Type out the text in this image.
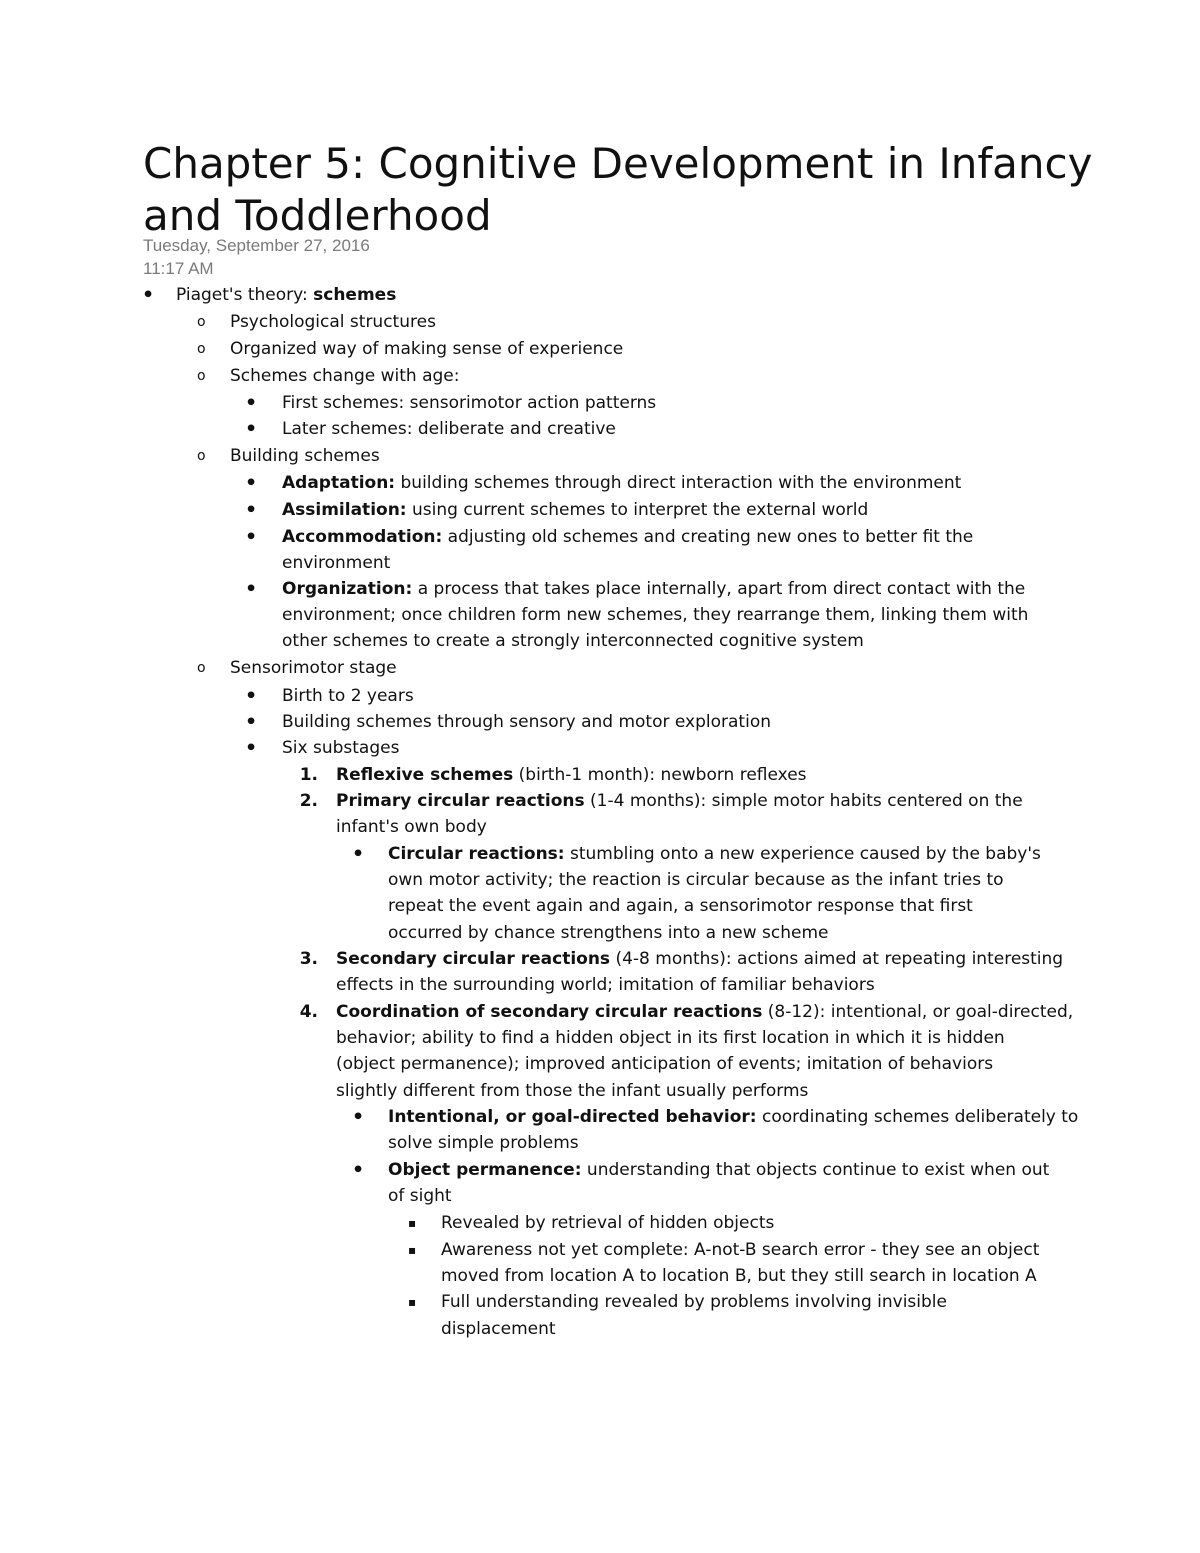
Chapter 5: Cognitive Development in Infancy
and Toddlerhood
Tuesday, September 27, 2016
11:17 AM
• Piaget's theory: schemes
o Psychological structures
o Organized way of making sense of experience
o Schemes change with age:
• First schemes: sensorimotor action patterns
• Later schemes: deliberate and creative
o Building schemes
• Adaptation: building schemes through direct interaction with the environment
• Assimilation: using current schemes to interpret the external world
• Accommodation: adjusting old schemes and creating new ones to better fit the
environment
• Organization: a process that takes place internally, apart from direct contact with the
environment; once children form new schemes, they rearrange them, linking them with
other schemes to create a strongly interconnected cognitive system
o Sensorimotor stage
• Birth to 2 years
• Building schemes through sensory and motor exploration
• Six substages
1. Reflexive schemes (birth-1 month): newborn reflexes
2. Primary circular reactions (1-4 months): simple motor habits centered on the
infant's own body
• Circular reactions: stumbling onto a new experience caused by the baby's
own motor activity; the reaction is circular because as the infant tries to
repeat the event again and again, a sensorimotor response that first
occurred by chance strengthens into a new scheme
3. Secondary circular reactions (4-8 months): actions aimed at repeating interesting
effects in the surrounding world; imitation of familiar behaviors
4. Coordination of secondary circular reactions (8-12): intentional, or goal-directed,
behavior; ability to find a hidden object in its first location in which it is hidden
(object permanence); improved anticipation of events; imitation of behaviors
slightly different from those the infant usually performs
• Intentional, or goal-directed behavior: coordinating schemes deliberately to
solve simple problems
• Object permanence: understanding that objects continue to exist when out
of sight
▪ Revealed by retrieval of hidden objects
▪ Awareness not yet complete: A-not-B search error - they see an object
moved from location A to location B, but they still search in location A
▪ Full understanding revealed by problems involving invisible
displacement
